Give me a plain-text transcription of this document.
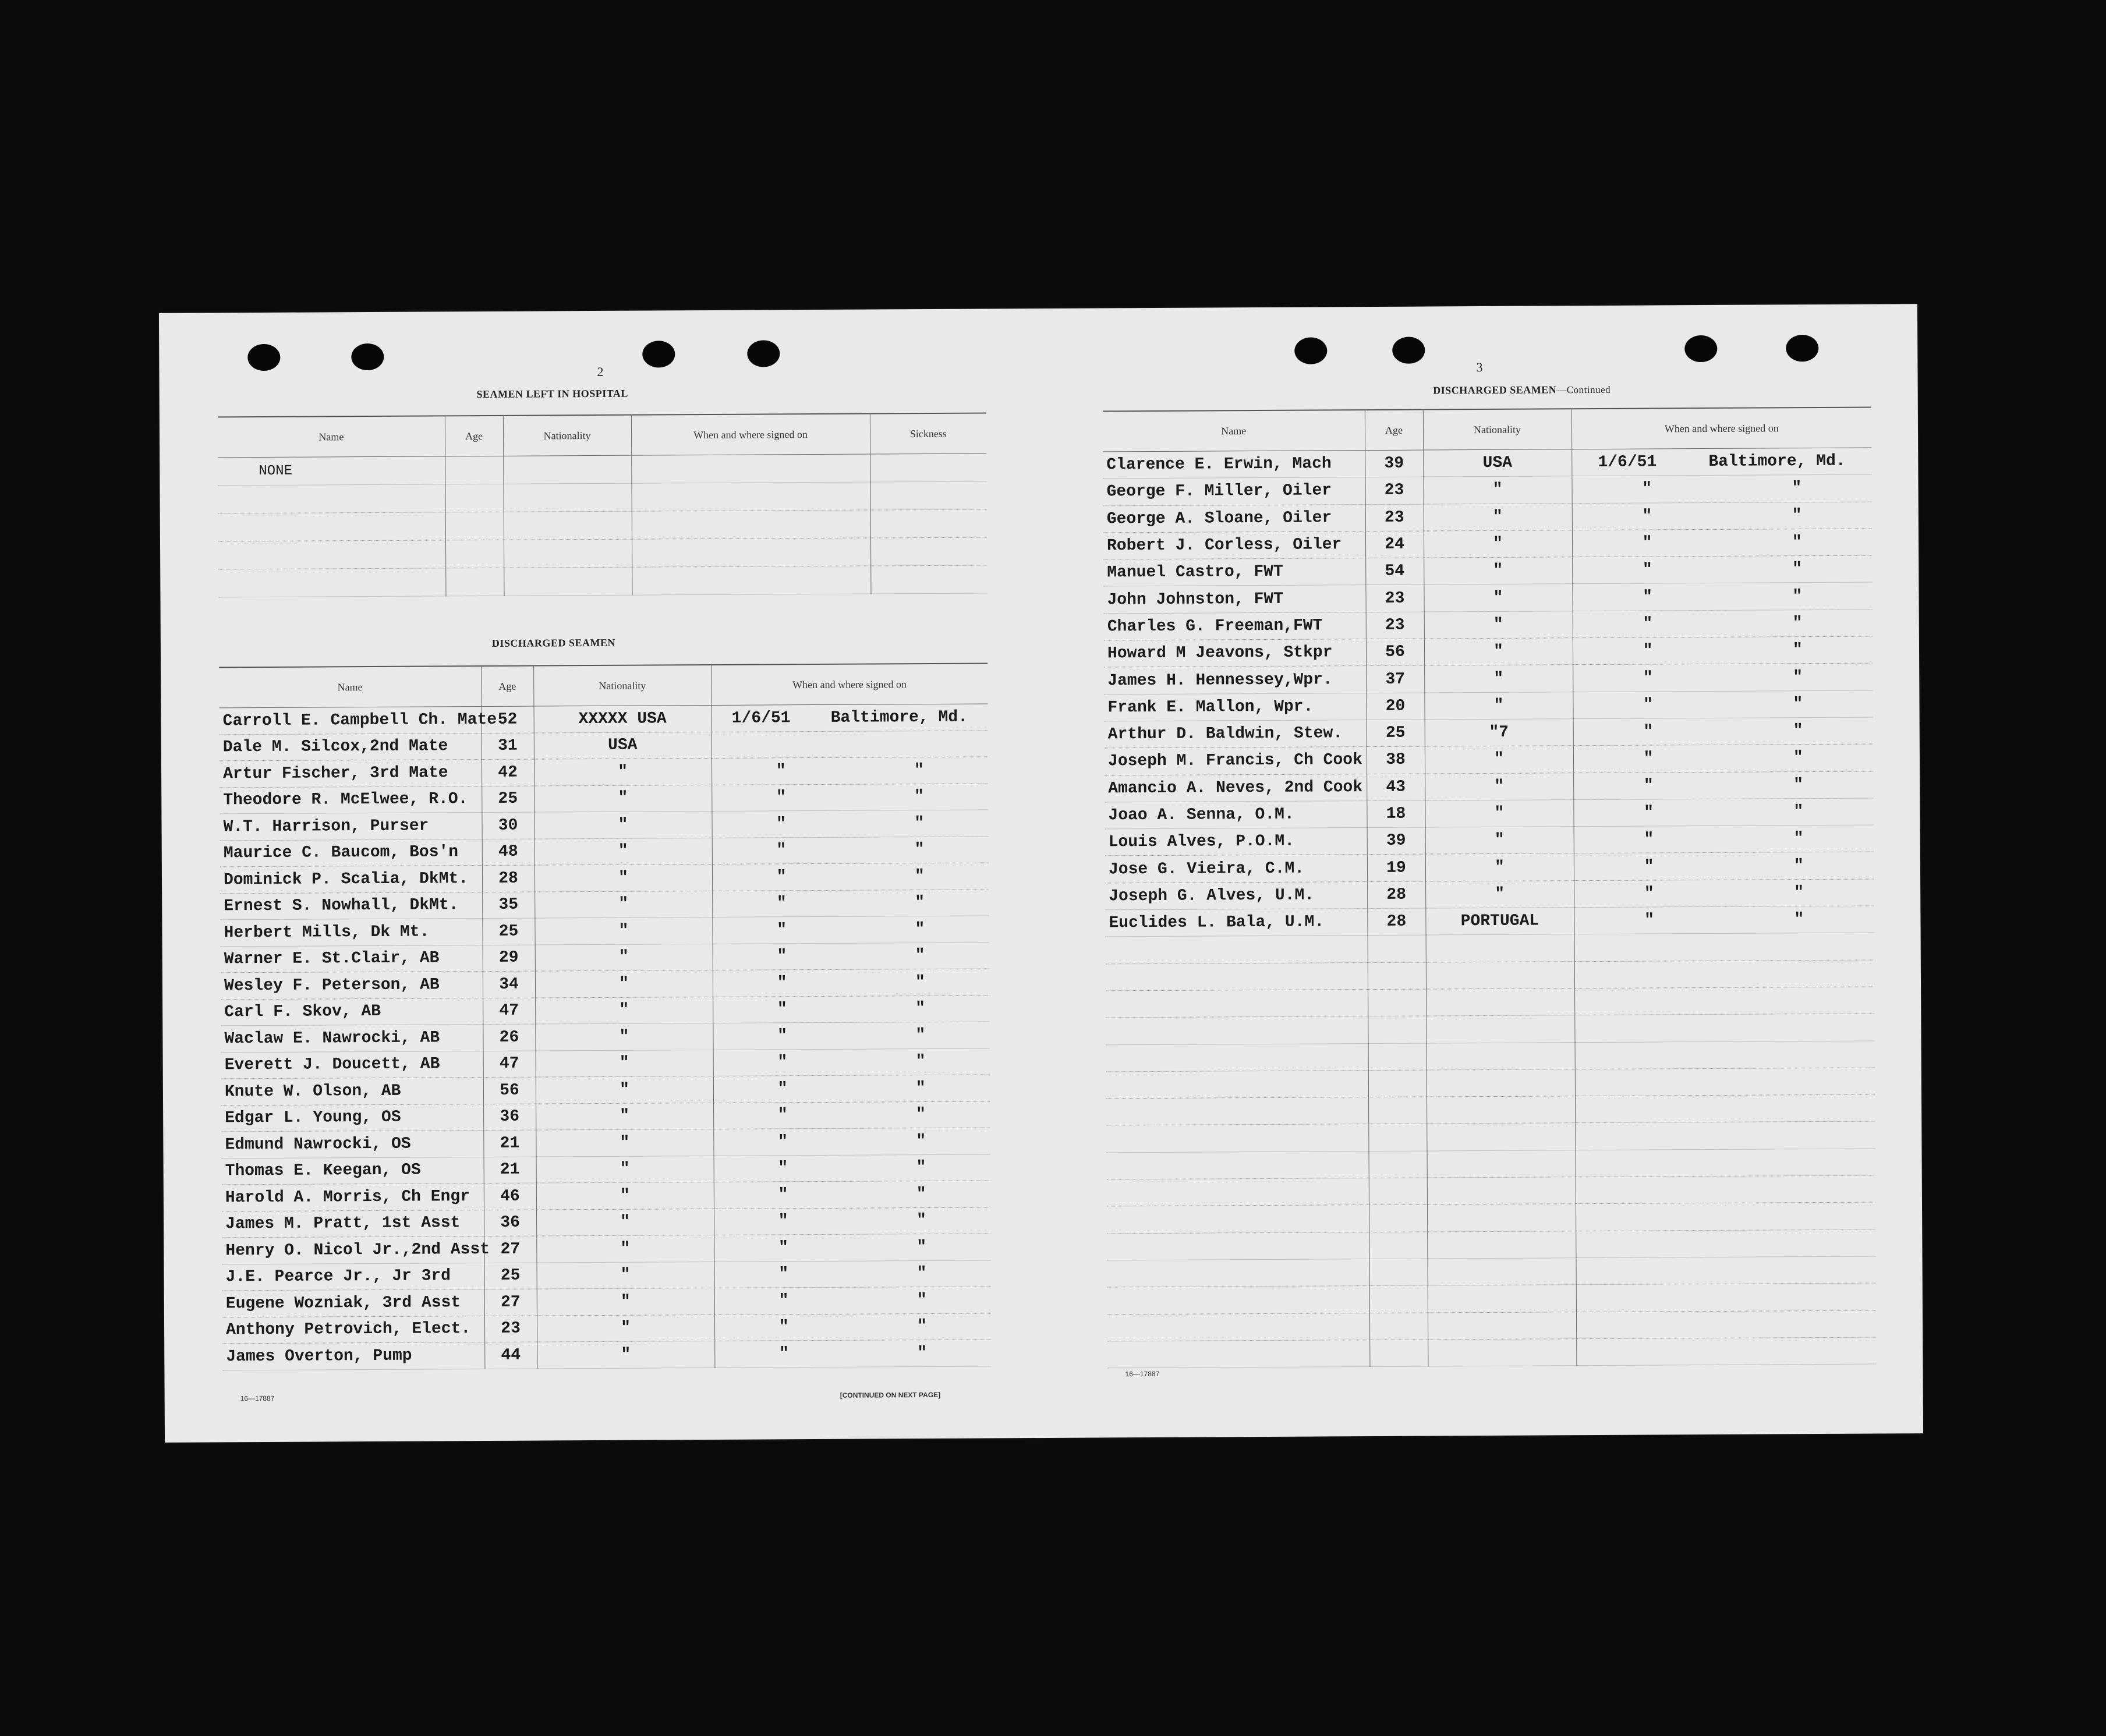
2
SEAMEN LEFT IN HOSPITAL
Name	Age	Nationality	When and where signed on	Sickness
NONE				

DISCHARGED SEAMEN
Name	Age	Nationality	When and where signed on
Carroll E. Campbell Ch. Mate	52	XXXXX USA	1/6/51 Baltimore, Md.

Dale M. Silcox,2nd Mate	31	USA	

Artur Fischer, 3rd Mate	42	"	" "

Theodore R. McElwee, R.O.	25	"	" "

W.T. Harrison, Purser	30	"	" "

Maurice C. Baucom, Bos'n	48	"	" "

Dominick P. Scalia, DkMt.	28	"	" "

Ernest S. Nowhall, DkMt.	35	"	" "

Herbert Mills, Dk Mt.	25	"	" "

Warner E. St.Clair, AB	29	"	" "

Wesley F. Peterson, AB	34	"	" "

Carl F. Skov, AB	47	"	" "

Waclaw E. Nawrocki, AB	26	"	" "

Everett J. Doucett, AB	47	"	" "

Knute W. Olson, AB	56	"	" "

Edgar L. Young, OS	36	"	" "

Edmund Nawrocki, OS	21	"	" "

Thomas E. Keegan, OS	21	"	" "

Harold A. Morris, Ch Engr	46	"	" "

James M. Pratt, 1st Asst	36	"	" "

Henry O. Nicol Jr.,2nd Asst	27	"	" "

J.E. Pearce Jr., Jr 3rd	25	"	" "

Eugene Wozniak, 3rd Asst	27	"	" "

Anthony Petrovich, Elect.	23	"	" "

James Overton, Pump	44	"	" "
16—17887	[CONTINUED ON NEXT PAGE]
3
DISCHARGED SEAMEN—Continued
Name	Age	Nationality	When and where signed on
Clarence E. Erwin, Mach	39	USA	1/6/51 Baltimore, Md.

George F. Miller, Oiler	23	"	" "

George A. Sloane, Oiler	23	"	" "

Robert J. Corless, Oiler	24	"	" "

Manuel Castro, FWT	54	"	" "

John Johnston, FWT	23	"	" "

Charles G. Freeman,FWT	23	"	" "

Howard M Jeavons, Stkpr	56	"	" "

James H. Hennessey,Wpr.	37	"	" "

Frank E. Mallon, Wpr.	20	"	" "

Arthur D. Baldwin, Stew.	25	"7	" "

Joseph M. Francis, Ch Cook	38	"	" "

Amancio A. Neves, 2nd Cook	43	"	" "

Joao A. Senna, O.M.	18	"	" "

Louis Alves, P.O.M.	39	"	" "

Jose G. Vieira, C.M.	19	"	" "

Joseph G. Alves, U.M.	28	"	" "

Euclides L. Bala, U.M.	28	PORTUGAL	" "

16—17887
